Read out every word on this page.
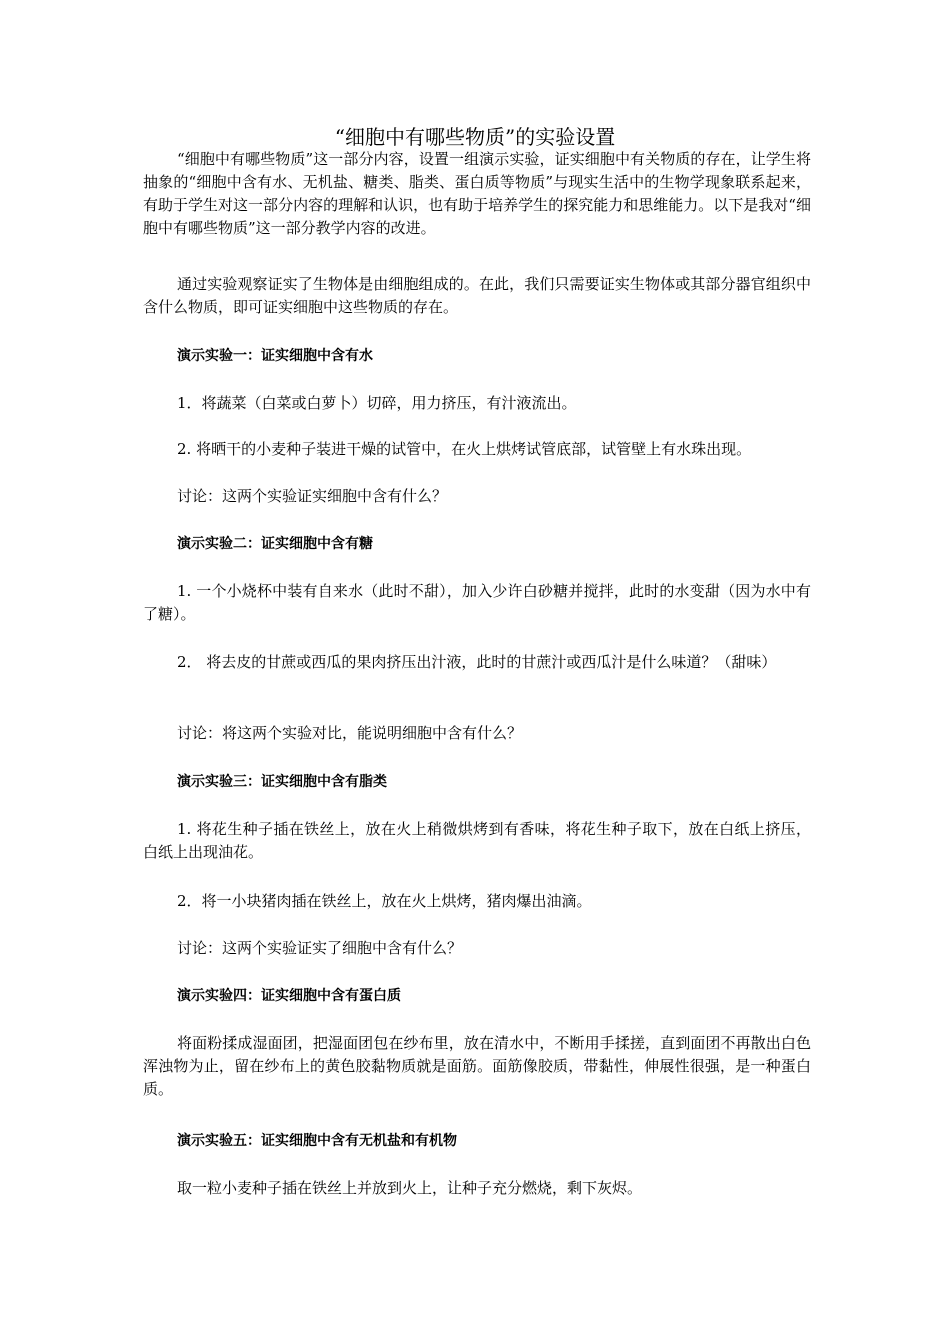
“细胞中有哪些物质”的实验设置
“细胞中有哪些物质”这一部分内容，设置一组演示实验，证实细胞中有关物质的存在，让学生将抽象的“细胞中含有水、无机盐、糖类、脂类、蛋白质等物质”与现实生活中的生物学现象联系起来，有助于学生对这一部分内容的理解和认识，也有助于培养学生的探究能力和思维能力。以下是我对“细胞中有哪些物质”这一部分教学内容的改进。
通过实验观察证实了生物体是由细胞组成的。在此，我们只需要证实生物体或其部分器官组织中含什么物质，即可证实细胞中这些物质的存在。
演示实验一：证实细胞中含有水
1．将蔬菜（白菜或白萝卜）切碎，用力挤压，有汁液流出。
2. 将晒干的小麦种子装进干燥的试管中，在火上烘烤试管底部，试管壁上有水珠出现。
讨论：这两个实验证实细胞中含有什么？
演示实验二：证实细胞中含有糖
1. 一个小烧杯中装有自来水（此时不甜），加入少许白砂糖并搅拌，此时的水变甜（因为水中有了糖）。
2． 将去皮的甘蔗或西瓜的果肉挤压出汁液，此时的甘蔗汁或西瓜汁是什么味道？（甜味）
讨论：将这两个实验对比，能说明细胞中含有什么？
演示实验三：证实细胞中含有脂类
1. 将花生种子插在铁丝上，放在火上稍微烘烤到有香味，将花生种子取下，放在白纸上挤压，白纸上出现油花。
2．将一小块猪肉插在铁丝上，放在火上烘烤，猪肉爆出油滴。
讨论：这两个实验证实了细胞中含有什么？
演示实验四：证实细胞中含有蛋白质
将面粉揉成湿面团，把湿面团包在纱布里，放在清水中，不断用手揉搓，直到面团不再散出白色浑浊物为止，留在纱布上的黄色胶黏物质就是面筋。面筋像胶质，带黏性，伸展性很强，是一种蛋白质。
演示实验五：证实细胞中含有无机盐和有机物
取一粒小麦种子插在铁丝上并放到火上，让种子充分燃烧，剩下灰烬。
